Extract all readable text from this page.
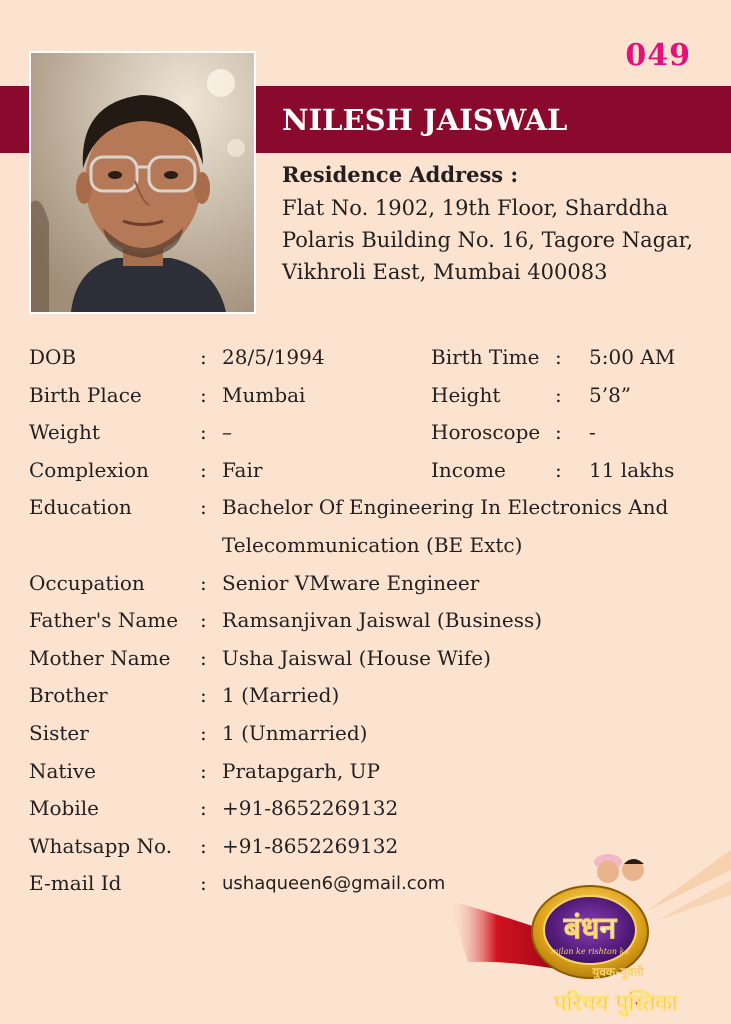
NILESH JAISWAL
049
Residence Address :
Flat No. 1902, 19th Floor, Sharddha
Polaris Building No. 16, Tagore Nagar,
Vikhroli East, Mumbai 400083
DOB	: 28/5/1994	Birth Time : 5:00 AM
Birth Place	: Mumbai	Height	: 5’8”
Weight	: –	Horoscope : -
Complexion	: Fair	Income : 11 lakhs
Education	: Bachelor Of Engineering In Electronics And Telecommunication (BE Extc)
Occupation	: Senior VMware Engineer
Father's Name : Ramsanjivan Jaiswal (Business)
Mother Name : Usha Jaiswal (House Wife)
Brother	: 1 (Married)
Sister	: 1 (Unmarried)
Native	: Pratapgarh, UP
Mobile	: +91-8652269132
Whatsapp No. : +91-8652269132
E-mail Id	: ushaqueen6@gmail.com
बंधन
milan ke rishton ka
युवक-युवती
परिचय पुस्तिका
